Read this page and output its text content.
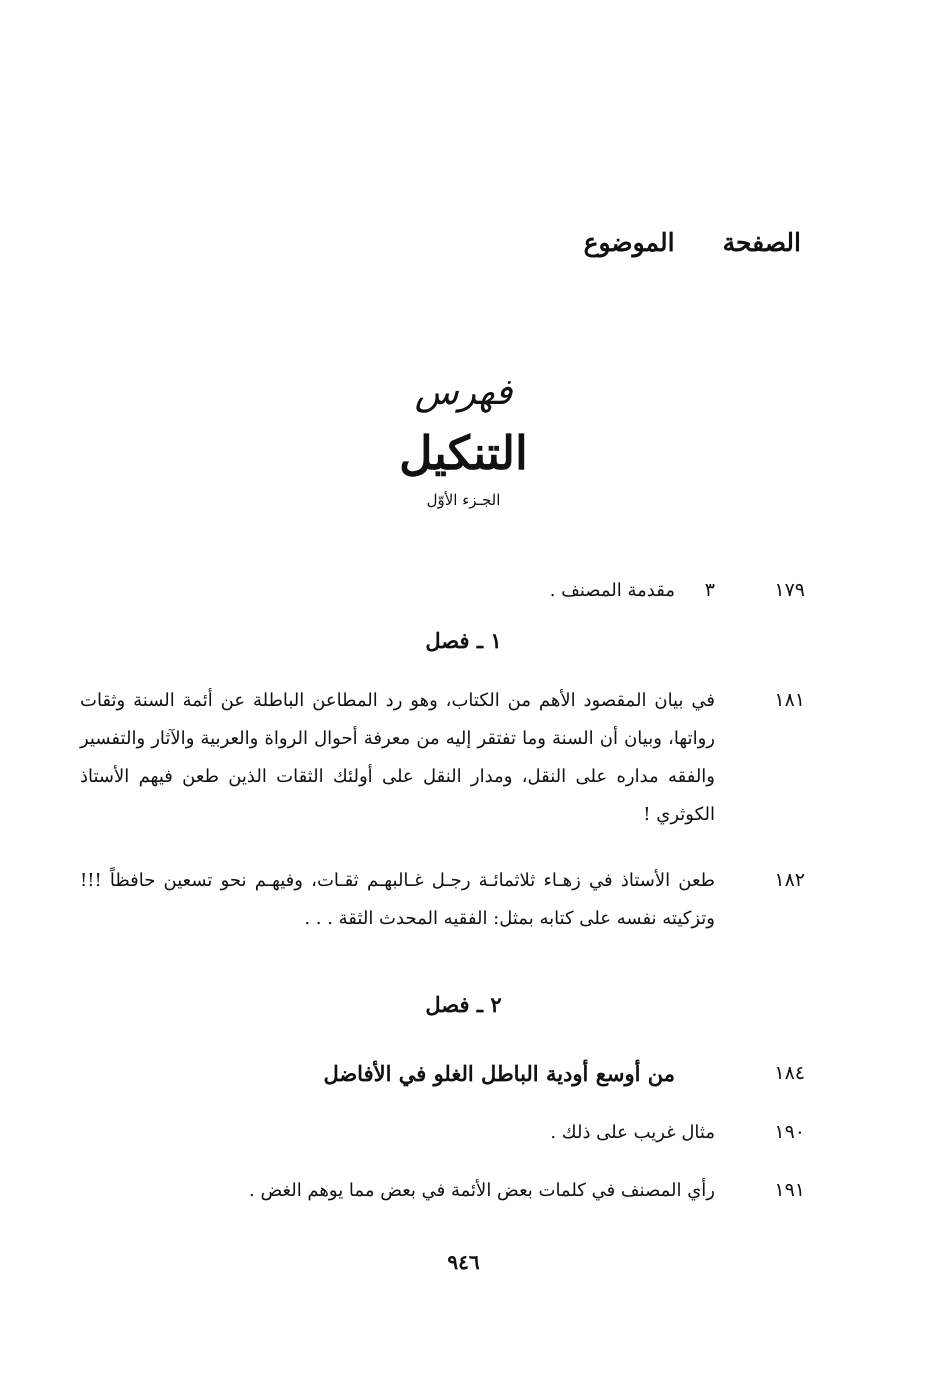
الصفحة
الموضوع
فهرس
التنكيل
الجـزء الأوّل
١٧٩
٣
مقدمة المصنف .
١ ـ فصل
١٨١
في بيان المقصود الأهم من الكتاب، وهو رد المطاعن الباطلة عن أئمة السنة وثقات رواتها، وبيان أن السنة وما تفتقر إليه من معرفة أحوال الرواة والعربية والآثار والتفسير والفقه مداره على النقل، ومدار النقل على أولئك الثقات الذين طعن فيهم الأستاذ الكوثري !
١٨٢
طعن الأستاذ في زهـاء ثلاثمائـة رجـل غـالبهـم ثقـات، وفيهـم نحو تسعين حافظاً !!! وتزكيته نفسه على كتابه بمثل: الفقيه المحدث الثقة . . .
٢ ـ فصل
١٨٤
من أوسع أودية الباطل الغلو في الأفاضل
١٩٠
مثال غريب على ذلك .
١٩١
رأي المصنف في كلمات بعض الأئمة في بعض مما يوهم الغض .
٩٤٦
